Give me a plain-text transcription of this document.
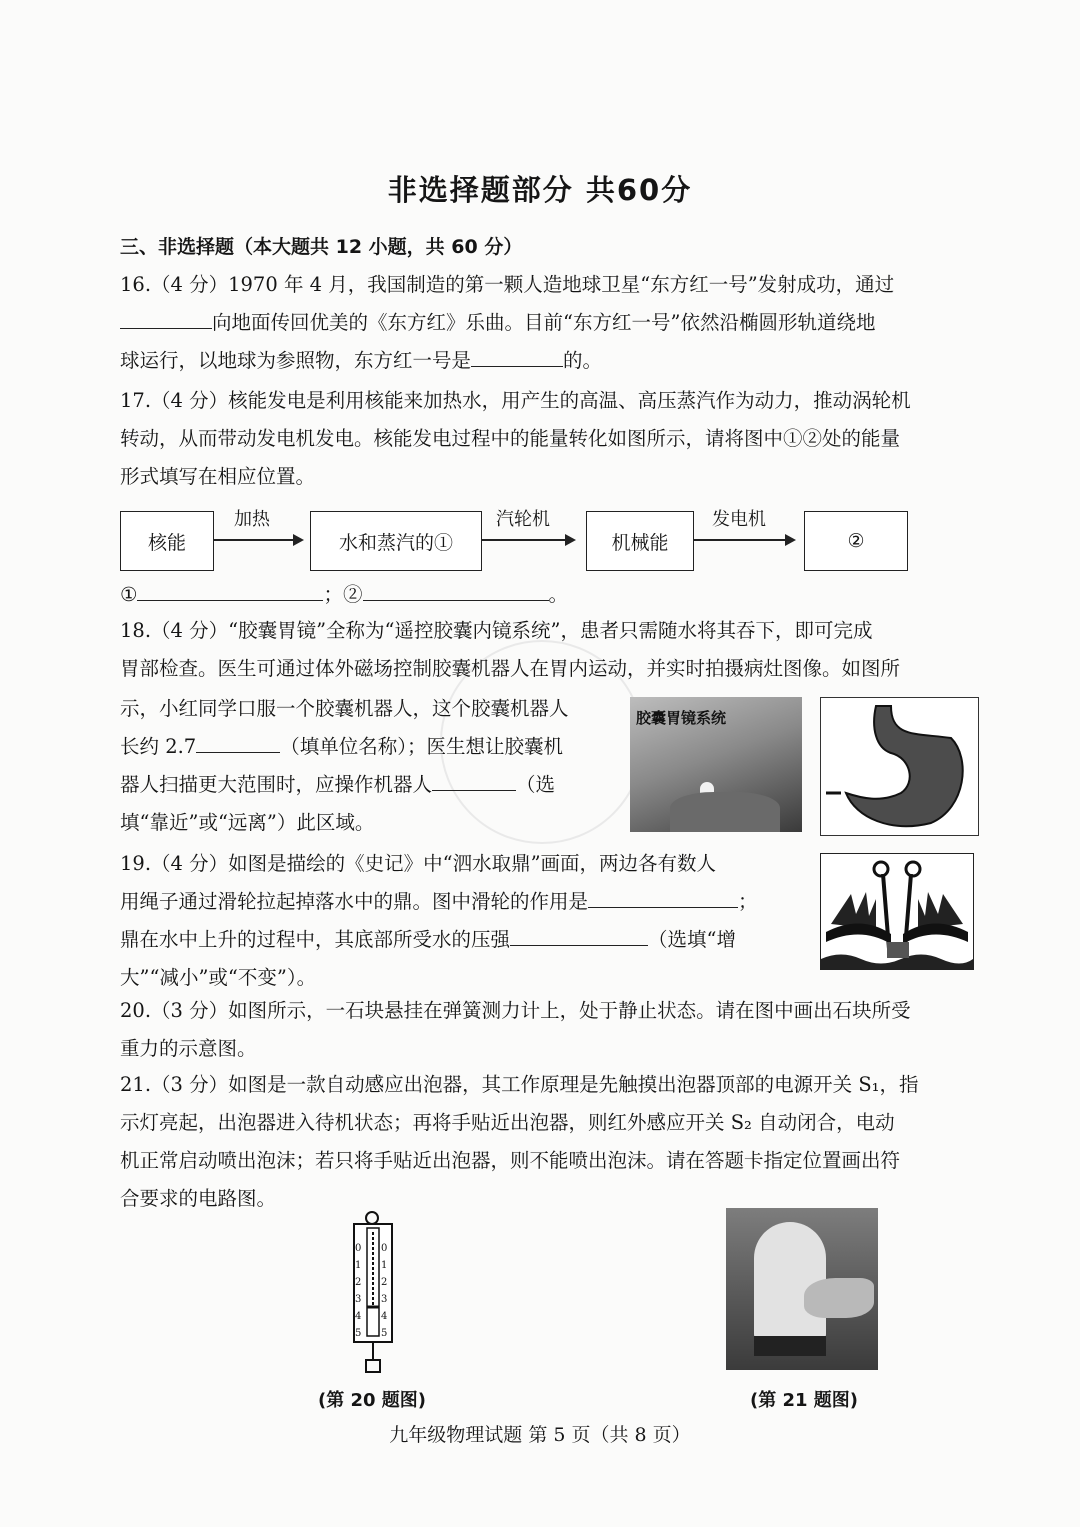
非选择题部分 共60分
三、非选择题（本大题共 12 小题，共 60 分）
16.（4 分）1970 年 4 月，我国制造的第一颗人造地球卫星“东方红一号”发射成功，通过
向地面传回优美的《东方红》乐曲。目前“东方红一号”依然沿椭圆形轨道绕地
球运行，以地球为参照物，东方红一号是	的。
17.（4 分）核能发电是利用核能来加热水，用产生的高温、高压蒸汽作为动力，推动涡轮机
转动，从而带动发电机发电。核能发电过程中的能量转化如图所示，请将图中①②处的能量
形式填写在相应位置。
核能
加热
水和蒸汽的①
汽轮机
机械能
发电机
②
①	；②	。
18.（4 分）“胶囊胃镜”全称为“遥控胶囊内镜系统”，患者只需随水将其吞下，即可完成
胃部检查。医生可通过体外磁场控制胶囊机器人在胃内运动，并实时拍摄病灶图像。如图所
示，小红同学口服一个胶囊机器人，这个胶囊机器人
长约 2.7	（填单位名称）；医生想让胶囊机
器人扫描更大范围时，应操作机器人	（选
填“靠近”或“远离”）此区域。
胶囊胃镜系统
19.（4 分）如图是描绘的《史记》中“泗水取鼎”画面，两边各有数人
用绳子通过滑轮拉起掉落水中的鼎。图中滑轮的作用是	；
鼎在水中上升的过程中，其底部所受水的压强	（选填“增
大”“减小”或“不变”）。
20.（3 分）如图所示，一石块悬挂在弹簧测力计上，处于静止状态。请在图中画出石块所受
重力的示意图。
21.（3 分）如图是一款自动感应出泡器，其工作原理是先触摸出泡器顶部的电源开关 S₁，指
示灯亮起，出泡器进入待机状态；再将手贴近出泡器，则红外感应开关 S₂ 自动闭合，电动
机正常启动喷出泡沫；若只将手贴近出泡器，则不能喷出泡沫。请在答题卡指定位置画出符
合要求的电路图。
0
1
2
3
4
5
0
1
2
3
4
5
(第 20 题图)	(第 21 题图)
九年级物理试题 第 5 页（共 8 页）
